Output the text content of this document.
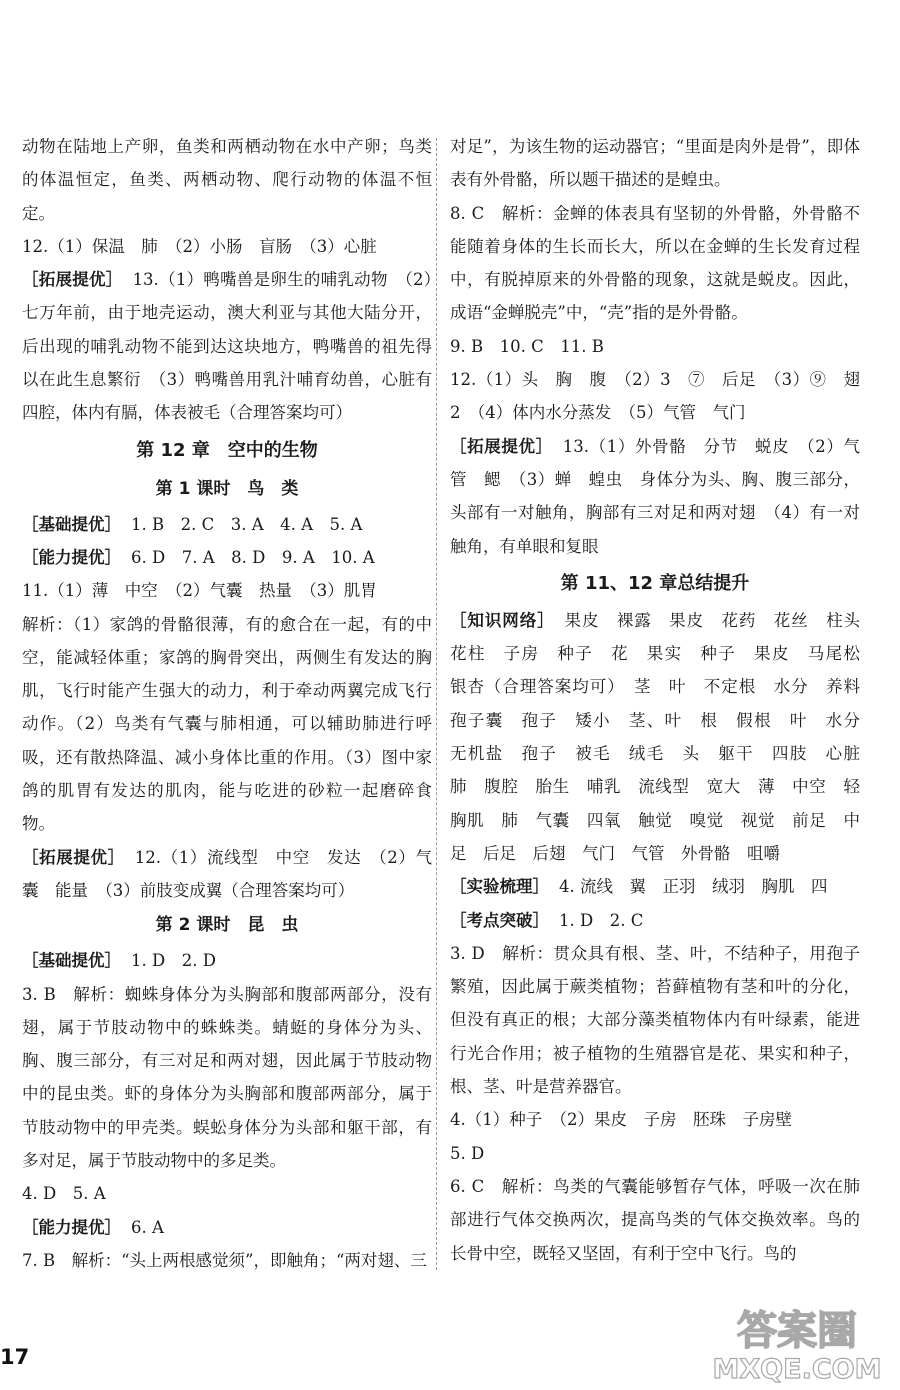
动物在陆地上产卵，鱼类和两栖动物在水中产卵；鸟类的体温恒定，鱼类、两栖动物、爬行动物的体温不恒定。

12.（1）保温　肺　（2）小肠　盲肠　（3）心脏

［拓展提优］ 13.（1）鸭嘴兽是卵生的哺乳动物　（2）七万年前，由于地壳运动，澳大利亚与其他大陆分开，后出现的哺乳动物不能到达这块地方，鸭嘴兽的祖先得以在此生息繁衍　（3）鸭嘴兽用乳汁哺育幼兽，心脏有四腔，体内有膈，体表被毛（合理答案均可）

第 12 章　空中的生物

第 1 课时　鸟　类

［基础提优］ 1. B　2. C　3. A　4. A　5. A

［能力提优］ 6. D　7. A　8. D　9. A　10. A

11.（1）薄　中空　（2）气囊　热量　（3）肌胃

解析：（1）家鸽的骨骼很薄，有的愈合在一起，有的中空，能减轻体重；家鸽的胸骨突出，两侧生有发达的胸肌，飞行时能产生强大的动力，利于牵动两翼完成飞行动作。（2）鸟类有气囊与肺相通，可以辅助肺进行呼吸，还有散热降温、减小身体比重的作用。（3）图中家鸽的肌胃有发达的肌肉，能与吃进的砂粒一起磨碎食物。

［拓展提优］ 12.（1）流线型　中空　发达　（2）气囊　能量　（3）前肢变成翼（合理答案均可）

第 2 课时　昆　虫

［基础提优］ 1. D　2. D

3. B　解析：蜘蛛身体分为头胸部和腹部两部分，没有翅，属于节肢动物中的蛛蛛类。蜻蜓的身体分为头、胸、腹三部分，有三对足和两对翅，因此属于节肢动物中的昆虫类。虾的身体分为头胸部和腹部两部分，属于节肢动物中的甲壳类。蜈蚣身体分为头部和躯干部，有多对足，属于节肢动物中的多足类。

4. D　5. A

［能力提优］ 6. A

7. B　解析：“头上两根感觉须”，即触角；“两对翅、三

对足”，为该生物的运动器官；“里面是肉外是骨”，即体表有外骨骼，所以题干描述的是蝗虫。

8. C　解析：金蝉的体表具有坚韧的外骨骼，外骨骼不能随着身体的生长而长大，所以在金蝉的生长发育过程中，有脱掉原来的外骨骼的现象，这就是蜕皮。因此，成语“金蝉脱壳”中，“壳”指的是外骨骼。

9. B　10. C　11. B

12.（1）头　胸　腹　（2）3　⑦　后足　（3）⑨　翅 2　（4）体内水分蒸发　（5）气管　气门

［拓展提优］ 13.（1）外骨骼　分节　蜕皮　（2）气管　鳃　（3）蝉　蝗虫　身体分为头、胸、腹三部分，头部有一对触角，胸部有三对足和两对翅　（4）有一对触角，有单眼和复眼

第 11、12 章总结提升

［知识网络］ 果皮　裸露　果皮　花药　花丝　柱头　花柱　子房　种子　花　果实　种子　果皮　马尾松　银杏（合理答案均可）　茎　叶　不定根　水分　养料　孢子囊　孢子　矮小　茎、叶　根　假根　叶　水分　无机盐　孢子　被毛　绒毛　头　躯干　四肢　心脏　肺　腹腔　胎生　哺乳　流线型　宽大　薄　中空　轻　胸肌　肺　气囊　四氧　触觉　嗅觉　视觉　前足　中足　后足　后翅　气门　气管　外骨骼　咀嚼

［实验梳理］ 4. 流线　翼　正羽　绒羽　胸肌　四

［考点突破］ 1. D　2. C

3. D　解析：贯众具有根、茎、叶，不结种子，用孢子繁殖，因此属于蕨类植物；苔藓植物有茎和叶的分化，但没有真正的根；大部分藻类植物体内有叶绿素，能进行光合作用；被子植物的生殖器官是花、果实和种子，根、茎、叶是营养器官。

4.（1）种子　（2）果皮　子房　胚珠　子房壁

5. D

6. C　解析：鸟类的气囊能够暂存气体，呼吸一次在肺部进行气体交换两次，提高鸟类的气体交换效率。鸟的长骨中空，既轻又坚固，有利于空中飞行。鸟的

17
答案圈
MXQE.COM
